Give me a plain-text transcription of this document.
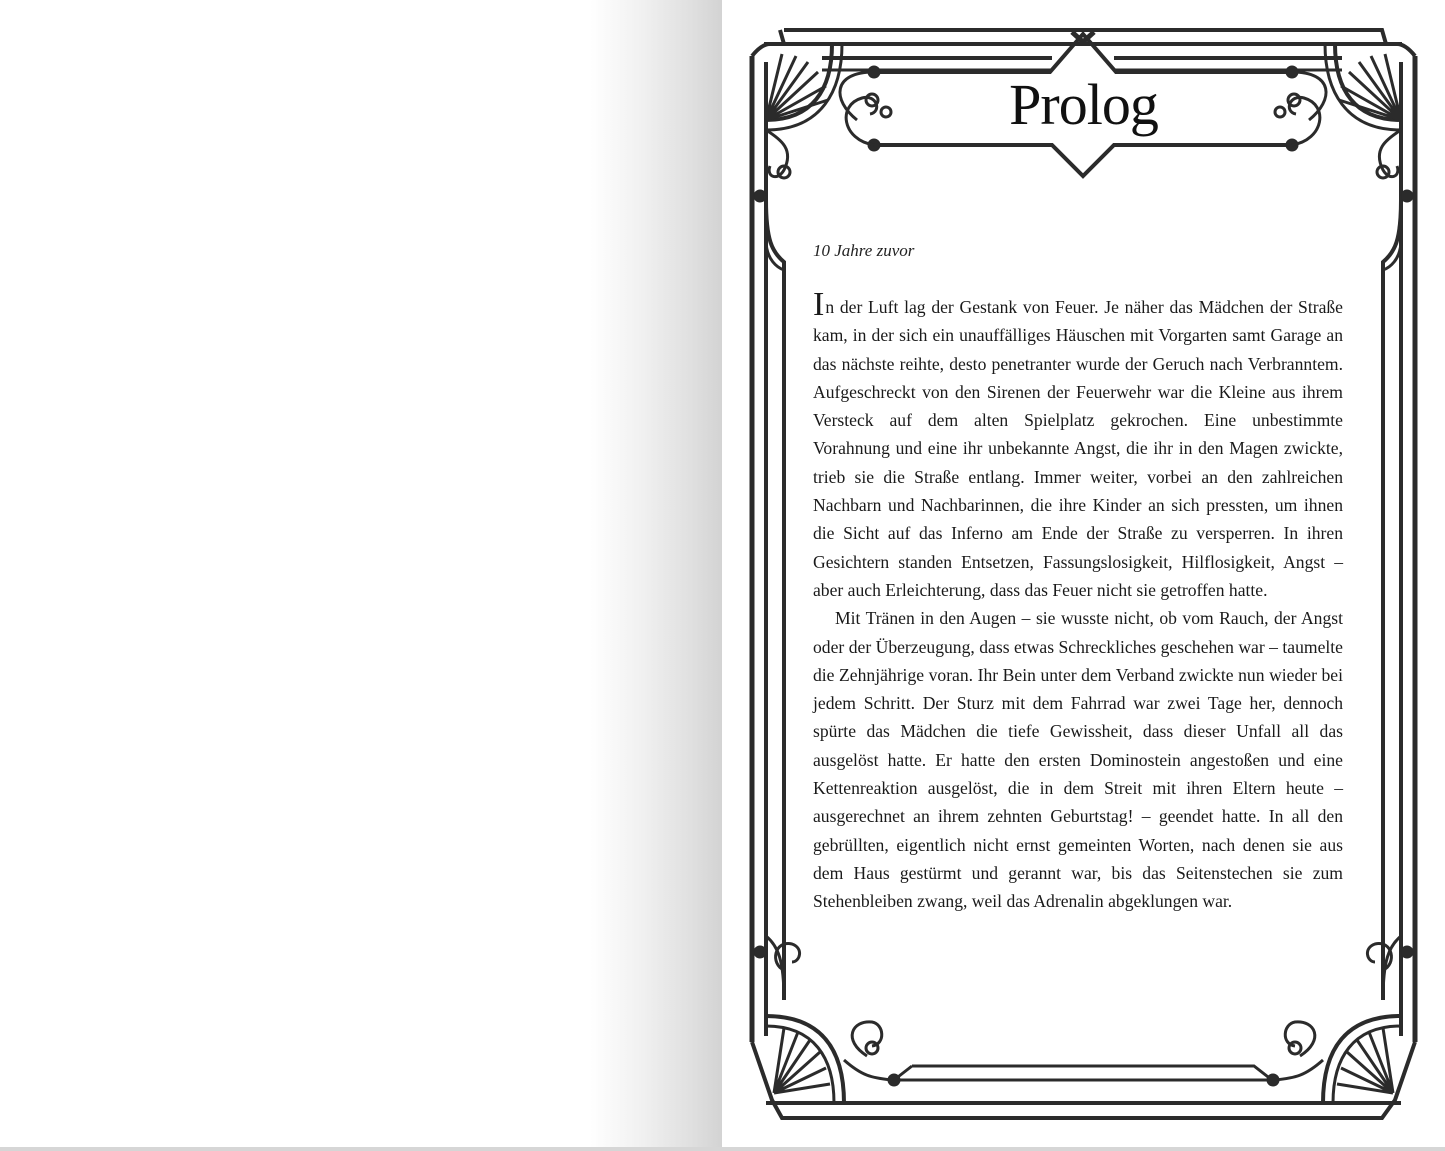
Prolog
10 Jahre zuvor

In der Luft lag der Gestank von Feuer. Je näher das Mädchen der Straße kam, in der sich ein unauffälliges Häuschen mit Vorgarten samt Garage an das nächste reihte, desto penetranter wurde der Geruch nach Verbranntem. Aufgeschreckt von den Sirenen der Feuerwehr war die Kleine aus ihrem Versteck auf dem alten Spielplatz gekrochen. Eine unbestimmte Vorahnung und eine ihr unbekannte Angst, die ihr in den Magen zwickte, trieb sie die Straße entlang. Immer weiter, vorbei an den zahlreichen Nachbarn und Nachbarinnen, die ihre Kinder an sich pressten, um ihnen die Sicht auf das Inferno am Ende der Straße zu versperren. In ihren Gesichtern standen Entsetzen, Fassungslosigkeit, Hilflosigkeit, Angst – aber auch Erleichterung, dass das Feuer nicht sie getroffen hatte.

Mit Tränen in den Augen – sie wusste nicht, ob vom Rauch, der Angst oder der Überzeugung, dass etwas Schreckliches geschehen war – taumelte die Zehnjährige voran. Ihr Bein unter dem Verband zwickte nun wieder bei jedem Schritt. Der Sturz mit dem Fahrrad war zwei Tage her, dennoch spürte das Mädchen die tiefe Gewissheit, dass dieser Unfall all das ausgelöst hatte. Er hatte den ersten Dominostein angestoßen und eine Kettenreaktion ausgelöst, die in dem Streit mit ihren Eltern heute – ausgerechnet an ihrem zehnten Geburtstag! – geendet hatte. In all den gebrüllten, eigentlich nicht ernst gemeinten Worten, nach denen sie aus dem Haus gestürmt und gerannt war, bis das Seitenstechen sie zum Stehenbleiben zwang, weil das Adrenalin abgeklungen war.
